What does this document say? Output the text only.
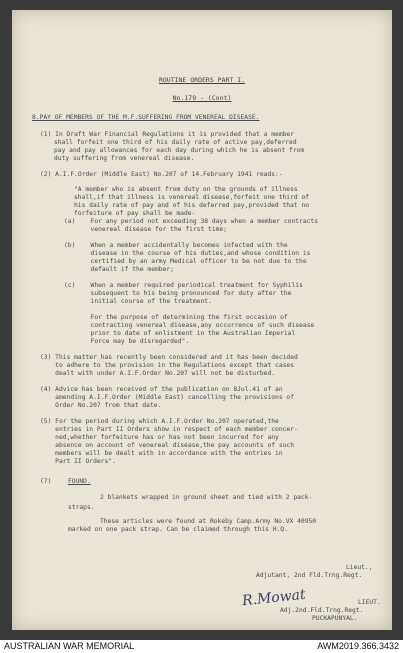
ROUTINE ORDERS PART I.
No.179 - (Cont)
8.PAY OF MEMBERS OF THE M.F.SUFFERING FROM VENEREAL DISEASE.
(1) In Draft War Financial Regulations it is provided that a member
shall forfeit one third of his daily rate of active pay,deferred
pay and pay allowances for each day during which he is absent from
duty suffering from venereal disease.
(2) A.I.F.Order (Middle East) No.207 of 14.February 1941 reads:-
"A member who is absent from duty on the grounds of illness
shall,if that illness is venereal disease,forfeit one third of
his daily rate of pay and of his deferred pay,provided that no
forfeiture of pay shall be made-
(a)    For any period not exceeding 38 days when a member contracts
venereal disease for the first time;
(b)    When a member accidentally becomes infected with the
disease in the course of his duties,and whose condition is
certified by an army Medical officer to be not due to the
default if the member;
(c)    When a member required periodical treatment for Syphilis
subsequent to his being pronounced for duty after the
initial course of the treatment.
For the purpose of determining the first occasion of
contracting venereal disease,any occurrence of such disease
prior to date of enlistment in the Australian Imperial
Force may be disregarded".
(3) This matter has recently been considered and it has been decided
to adhere to the provision in the Regulations except that cases
dealt with under A.I.F.Order No.207 will not be disturbed.
(4) Advice has been received of the publication on 8Jul.41 of an
amending A.I.F.Order (Middle East) cancelling the provisions of
Order No.207 from that date.
(5) For the period during which A.I.F.Order No.207 operated,the
entries in Part II Orders show in respect of each member concer-
ned,whether forfeiture has or has not been incurred for any
absence on account of venereal disease,the pay accounts of such
members will be dealt with in accordance with the entries in
Part II Orders".
(7)	FOUND.
2 blankets wrapped in ground sheet and tied with 2 pack-
straps.
These articles were found at Rokeby Camp.Army No.VX 40950
marked on one pack strap. Can be claimed through this H.Q.
Lieut.,
Adjutant, 2nd Fld.Trng.Regt.
R.Mowat	LIEUT.
Adj.2nd.Fld.Trng.Regt.
PUCKAPUNYAL.
AUSTRALIAN WAR MEMORIAL	AWM2019.366.3432
